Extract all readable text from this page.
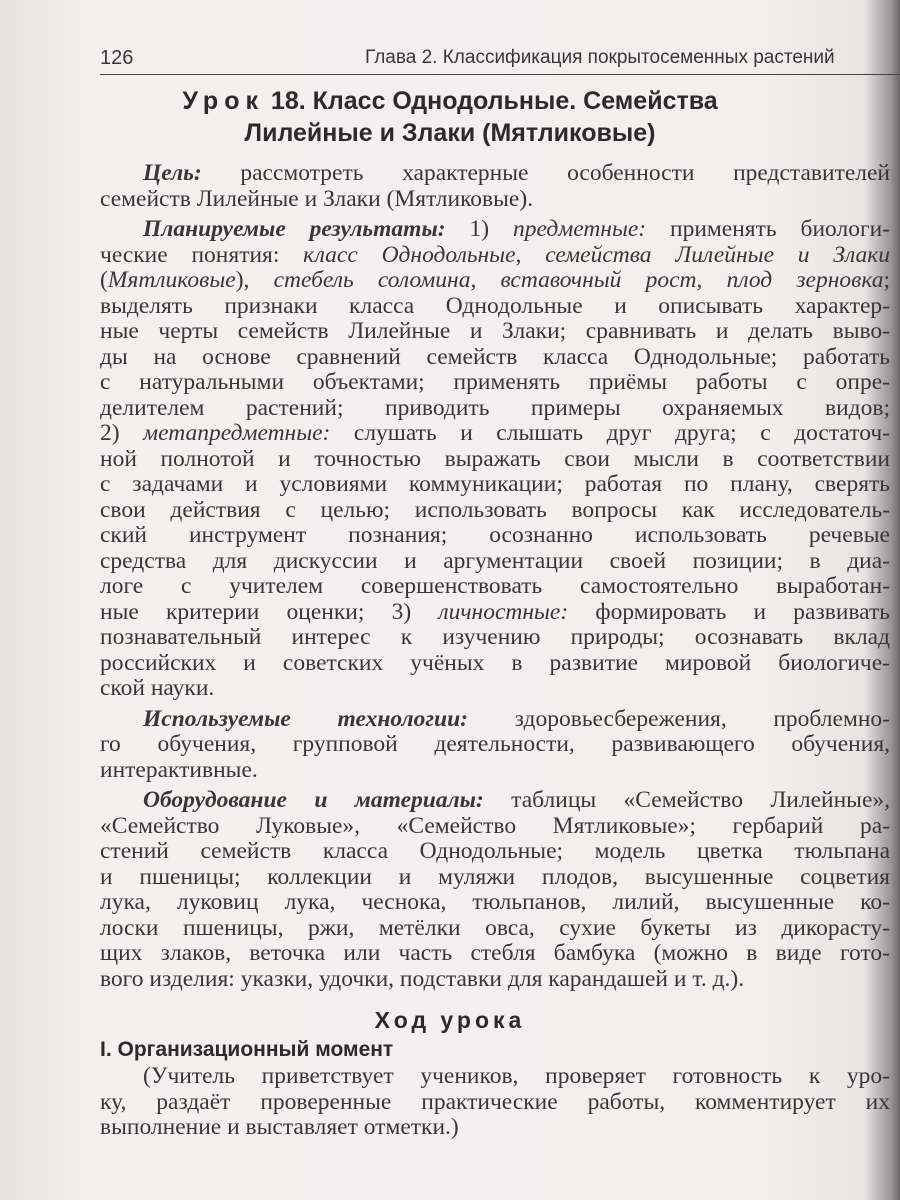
126	Глава 2. Классификация покрытосеменных растений
Урок 18. Класс Однодольные. Семейства
Лилейные и Злаки (Мятликовые)
Цель: рассмотреть характерные особенности представителей
семейств Лилейные и Злаки (Мятликовые).
Планируемые результаты: 1) предметные: применять биологи-
ческие понятия: класс Однодольные, семейства Лилейные и Злаки
(Мятликовые), стебель соломина, вставочный рост, плод зерновка;
выделять признаки класса Однодольные и описывать характер-
ные черты семейств Лилейные и Злаки; сравнивать и делать выво-
ды на основе сравнений семейств класса Однодольные; работать
с натуральными объектами; применять приёмы работы с опре-
делителем растений; приводить примеры охраняемых видов;
2) метапредметные: слушать и слышать друг друга; с достаточ-
ной полнотой и точностью выражать свои мысли в соответствии
с задачами и условиями коммуникации; работая по плану, сверять
свои действия с целью; использовать вопросы как исследователь-
ский инструмент познания; осознанно использовать речевые
средства для дискуссии и аргументации своей позиции; в диа-
логе с учителем совершенствовать самостоятельно выработан-
ные критерии оценки; 3) личностные: формировать и развивать
познавательный интерес к изучению природы; осознавать вклад
российских и советских учёных в развитие мировой биологиче-
ской науки.
Используемые технологии: здоровьесбережения, проблемно-
го обучения, групповой деятельности, развивающего обучения,
интерактивные.
Оборудование и материалы: таблицы «Семейство Лилейные»,
«Семейство Луковые», «Семейство Мятликовые»; гербарий ра-
стений семейств класса Однодольные; модель цветка тюльпана
и пшеницы; коллекции и муляжи плодов, высушенные соцветия
лука, луковиц лука, чеснока, тюльпанов, лилий, высушенные ко-
лоски пшеницы, ржи, метёлки овса, сухие букеты из дикорасту-
щих злаков, веточка или часть стебля бамбука (можно в виде гото-
вого изделия: указки, удочки, подставки для карандашей и т. д.).
Ход урока
I. Организационный момент
(Учитель приветствует учеников, проверяет готовность к уро-
ку, раздаёт проверенные практические работы, комментирует их
выполнение и выставляет отметки.)
